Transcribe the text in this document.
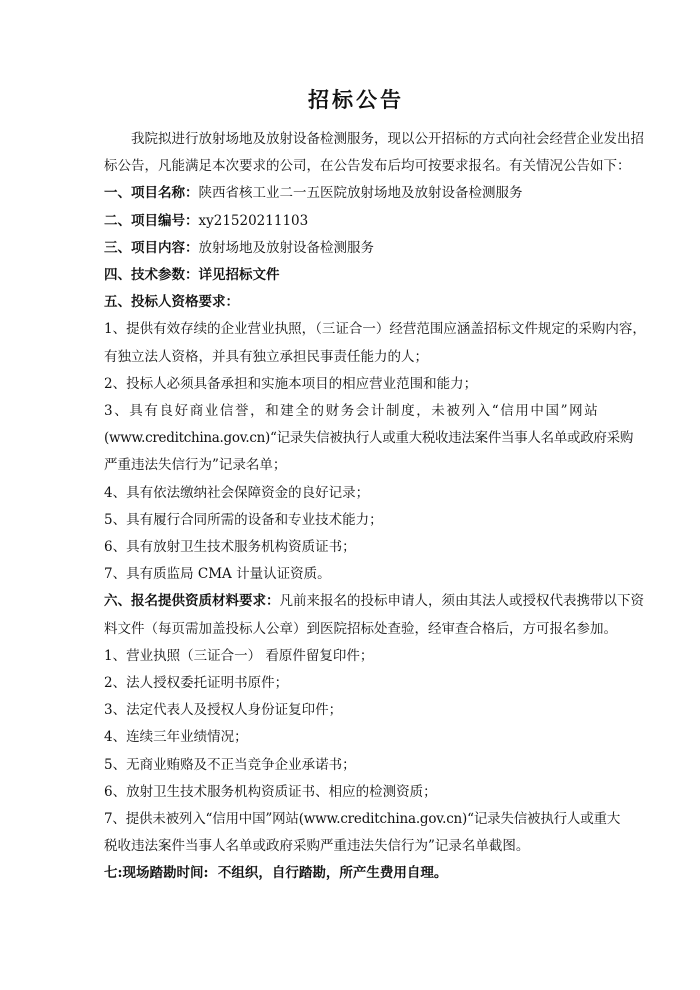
招标公告

我院拟进行放射场地及放射设备检测服务，现以公开招标的方式向社会经营企业发出招

标公告，凡能满足本次要求的公司，在公告发布后均可按要求报名。有关情况公告如下：

一、项目名称：陕西省核工业二一五医院放射场地及放射设备检测服务

二、项目编号：xy21520211103

三、项目内容：放射场地及放射设备检测服务

四、技术参数：详见招标文件

五、投标人资格要求：

1、提供有效存续的企业营业执照，（三证合一）经营范围应涵盖招标文件规定的采购内容，

有独立法人资格，并具有独立承担民事责任能力的人；

2、投标人必须具备承担和实施本项目的相应营业范围和能力；

3、具有良好商业信誉，和建全的财务会计制度，未被列入“信用中国”网站

(www.creditchina.gov.cn)“记录失信被执行人或重大税收违法案件当事人名单或政府采购

严重违法失信行为”记录名单；

4、具有依法缴纳社会保障资金的良好记录；

5、具有履行合同所需的设备和专业技术能力；

6、具有放射卫生技术服务机构资质证书；

7、具有质监局 CMA 计量认证资质。

六、报名提供资质材料要求：凡前来报名的投标申请人，须由其法人或授权代表携带以下资

料文件（每页需加盖投标人公章）到医院招标处查验，经审查合格后，方可报名参加。

1、营业执照（三证合一） 看原件留复印件；

2、法人授权委托证明书原件；

3、法定代表人及授权人身份证复印件；

4、连续三年业绩情况；

5、无商业贿赂及不正当竞争企业承诺书；

6、放射卫生技术服务机构资质证书、相应的检测资质；

7、提供未被列入“信用中国”网站(www.creditchina.gov.cn)“记录失信被执行人或重大

税收违法案件当事人名单或政府采购严重违法失信行为”记录名单截图。

七:现场踏勘时间: 不组织，自行踏勘，所产生费用自理。
